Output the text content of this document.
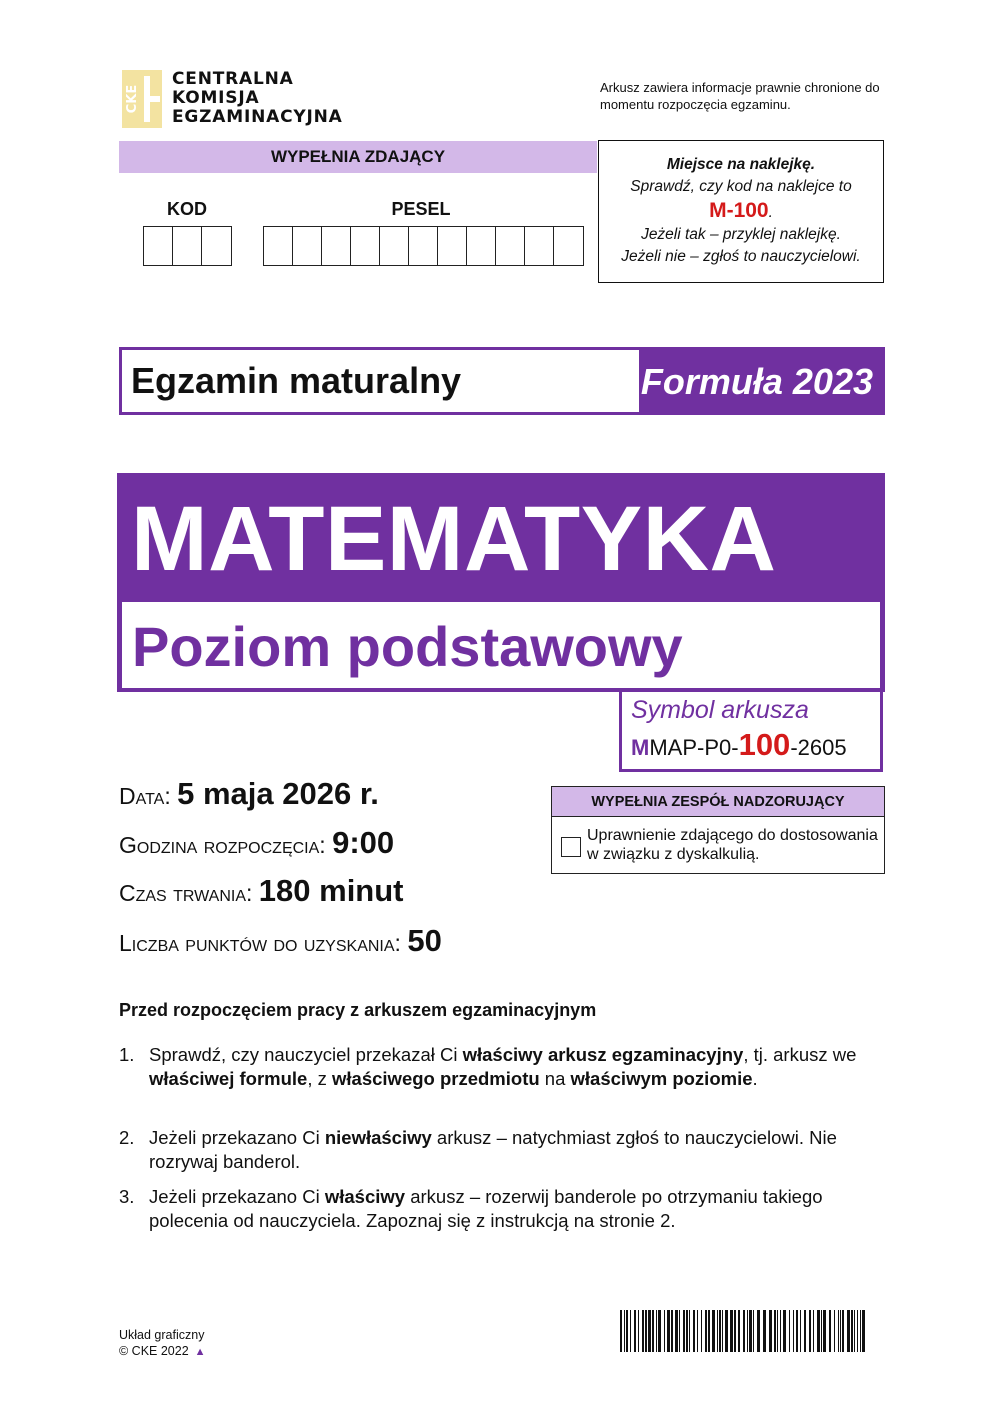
CKE
CENTRALNA
KOMISJA
EGZAMINACYJNA
Arkusz zawiera informacje prawnie chronione do momentu rozpoczęcia egzaminu.
WYPEŁNIA ZDAJĄCY
KOD	PESEL
Miejsce na naklejkę.
Sprawdź, czy kod na naklejce to
M-100.
Jeżeli tak – przyklej naklejkę.
Jeżeli nie – zgłoś to nauczycielowi.
Egzamin maturalny	Formuła 2023
MATEMATYKA
Poziom podstawowy
Symbol arkusza
MMAP-P0-100-2605
Data: 5 maja 2026 r.
Godzina rozpoczęcia: 9:00
Czas trwania: 180 minut
Liczba punktów do uzyskania: 50
WYPEŁNIA ZESPÓŁ NADZORUJĄCY
Uprawnienie zdającego do dostosowania w związku z dyskalkulią.
Przed rozpoczęciem pracy z arkuszem egzaminacyjnym
1. Sprawdź, czy nauczyciel przekazał Ci właściwy arkusz egzaminacyjny, tj. arkusz we właściwej formule, z właściwego przedmiotu na właściwym poziomie.
2. Jeżeli przekazano Ci niewłaściwy arkusz – natychmiast zgłoś to nauczycielowi. Nie rozrywaj banderol.
3. Jeżeli przekazano Ci właściwy arkusz – rozerwij banderole po otrzymaniu takiego polecenia od nauczyciela. Zapoznaj się z instrukcją na stronie 2.
Układ graficzny
© CKE 2022 ▲
